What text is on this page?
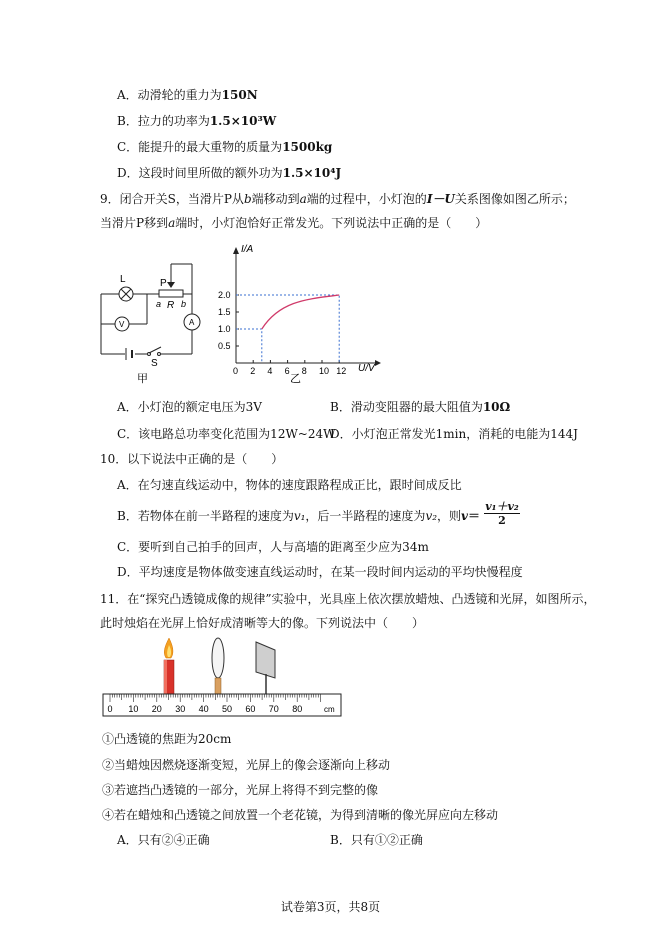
A．动滑轮的重力为150N
B．拉力的功率为1.5×10³W
C．能提升的最大重物的质量为1500kg
D．这段时间里所做的额外功为1.5×10⁴J
9．闭合开关S，当滑片P从b端移动到a端的过程中，小灯泡的I－U关系图像如图乙所示；
当滑片P移到a端时，小灯泡恰好正常发光。下列说法中正确的是（　　）
L	P
a R b
V	A
S
甲
0 2 4 6 8 10 12
0.5
1.0
1.5
2.0
I/A
U/V
乙
A．小灯泡的额定电压为3V	B．滑动变阻器的最大阻值为10Ω
C．该电路总功率变化范围为12W~24W
D．小灯泡正常发光1min，消耗的电能为144J
10．以下说法中正确的是（　　）
A．在匀速直线运动中，物体的速度跟路程成正比，跟时间成反比
B．若物体在前一半路程的速度为v₁，后一半路程的速度为v₂，则$v= \frac{\text{v₁＋v₂}}{2}$
C．要听到自己拍手的回声，人与高墙的距离至少应为34m
D．平均速度是物体做变速直线运动时，在某一段时间内运动的平均快慢程度
11．在“探究凸透镜成像的规律”实验中，光具座上依次摆放蜡烛、凸透镜和光屏，如图所示，
此时烛焰在光屏上恰好成清晰等大的像。下列说法中（　　）
0 10 20 30 40 50 60 70 80	cm
①凸透镜的焦距为20cm
②当蜡烛因燃烧逐渐变短，光屏上的像会逐渐向上移动
③若遮挡凸透镜的一部分，光屏上将得不到完整的像
④若在蜡烛和凸透镜之间放置一个老花镜，为得到清晰的像光屏应向左移动
A．只有②④正确	B．只有①②正确
试卷第3页，共8页
